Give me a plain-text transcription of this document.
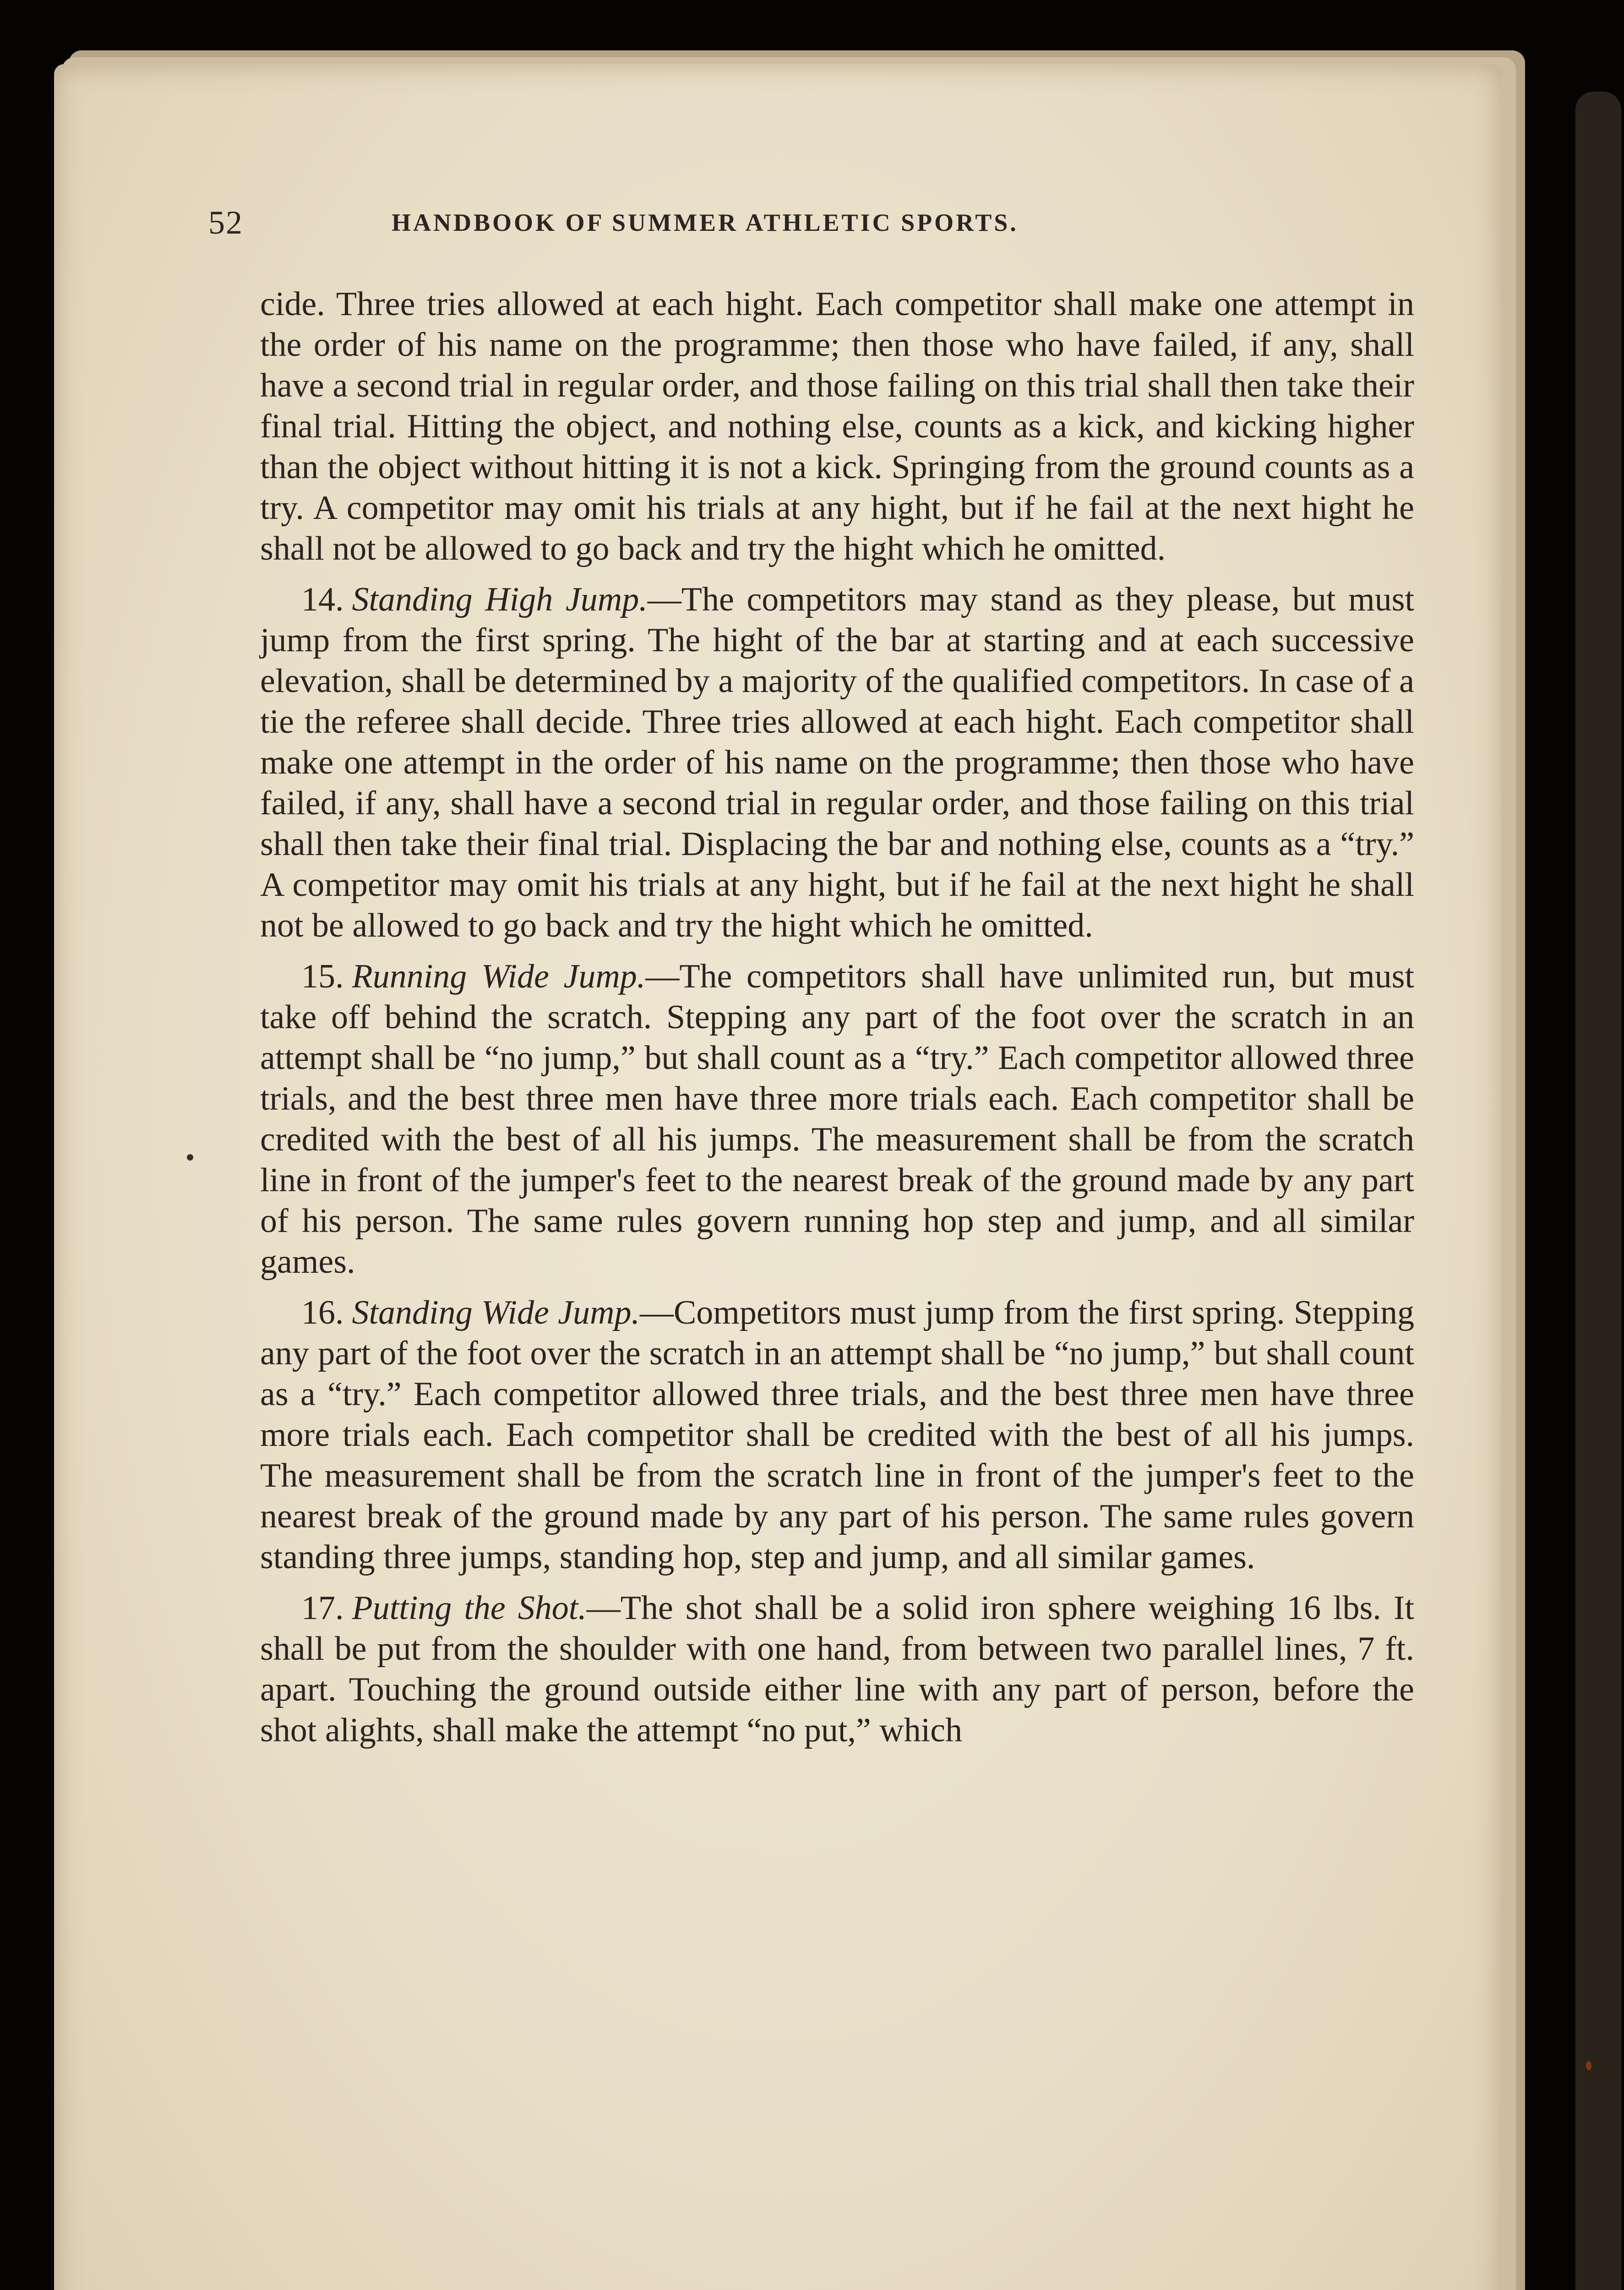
52	HANDBOOK OF SUMMER ATHLETIC SPORTS.

cide. Three tries allowed at each hight. Each competitor shall make one attempt in the order of his name on the programme; then those who have failed, if any, shall have a second trial in regular order, and those failing on this trial shall then take their final trial. Hitting the object, and nothing else, counts as a kick, and kicking higher than the object without hitting it is not a kick. Springing from the ground counts as a try. A competitor may omit his trials at any hight, but if he fail at the next hight he shall not be allowed to go back and try the hight which he omitted.

14. Standing High Jump.—The competitors may stand as they please, but must jump from the first spring. The hight of the bar at starting and at each successive elevation, shall be determined by a majority of the qualified competitors. In case of a tie the referee shall decide. Three tries allowed at each hight. Each competitor shall make one attempt in the order of his name on the programme; then those who have failed, if any, shall have a second trial in regular order, and those failing on this trial shall then take their final trial. Displacing the bar and nothing else, counts as a “try.” A competitor may omit his trials at any hight, but if he fail at the next hight he shall not be allowed to go back and try the hight which he omitted.

15. Running Wide Jump.—The competitors shall have unlimited run, but must take off behind the scratch. Stepping any part of the foot over the scratch in an attempt shall be “no jump,” but shall count as a “try.” Each competitor allowed three trials, and the best three men have three more trials each. Each competitor shall be credited with the best of all his jumps. The measurement shall be from the scratch line in front of the jumper's feet to the nearest break of the ground made by any part of his person. The same rules govern running hop step and jump, and all similar games.

16. Standing Wide Jump.—Competitors must jump from the first spring. Stepping any part of the foot over the scratch in an attempt shall be “no jump,” but shall count as a “try.” Each competitor allowed three trials, and the best three men have three more trials each. Each competitor shall be credited with the best of all his jumps. The measurement shall be from the scratch line in front of the jumper's feet to the nearest break of the ground made by any part of his person. The same rules govern standing three jumps, standing hop, step and jump, and all similar games.

17. Putting the Shot.—The shot shall be a solid iron sphere weighing 16 lbs. It shall be put from the shoulder with one hand, from between two parallel lines, 7 ft. apart. Touching the ground outside either line with any part of person, before the shot alights, shall make the attempt “no put,” which
